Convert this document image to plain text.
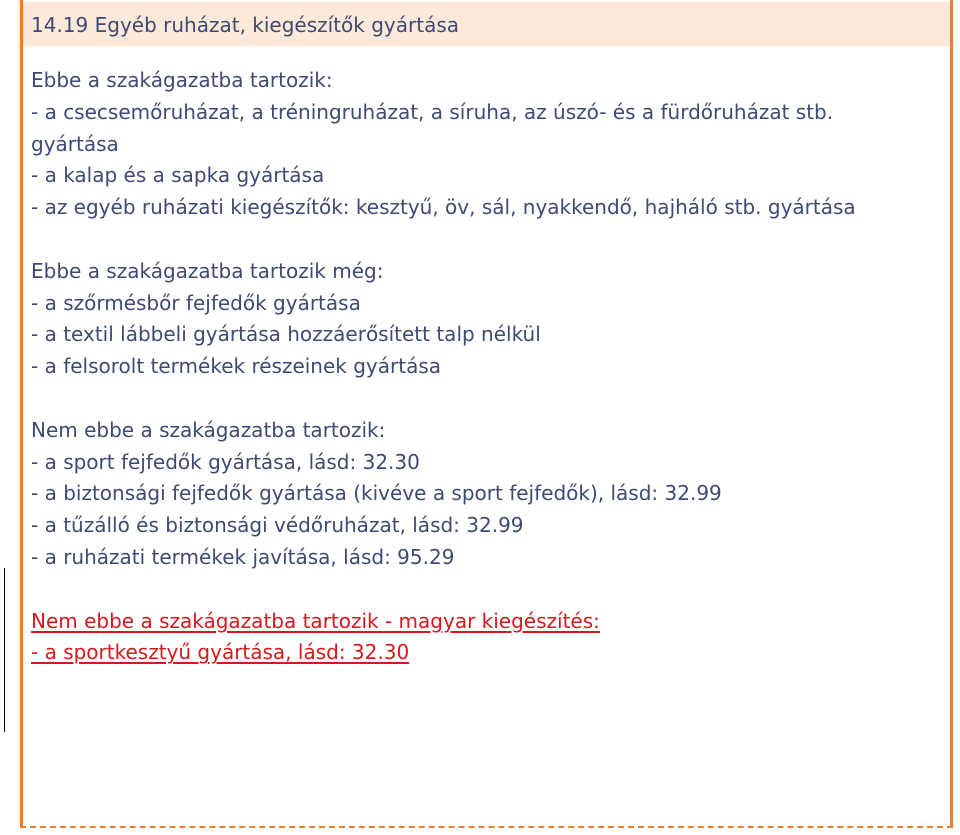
14.19 Egyéb ruházat, kiegészítők gyártása
Ebbe a szakágazatba tartozik:
- a csecsemőruházat, a tréningruházat, a síruha, az úszó- és a fürdőruházat stb.
gyártása
- a kalap és a sapka gyártása
- az egyéb ruházati kiegészítők: kesztyű, öv, sál, nyakkendő, hajháló stb. gyártása
Ebbe a szakágazatba tartozik még:
- a szőrmésbőr fejfedők gyártása
- a textil lábbeli gyártása hozzáerősített talp nélkül
- a felsorolt termékek részeinek gyártása
Nem ebbe a szakágazatba tartozik:
- a sport fejfedők gyártása, lásd: 32.30
- a biztonsági fejfedők gyártása (kivéve a sport fejfedők), lásd: 32.99
- a tűzálló és biztonsági védőruházat, lásd: 32.99
- a ruházati termékek javítása, lásd: 95.29
Nem ebbe a szakágazatba tartozik - magyar kiegészítés:
- a sportkesztyű gyártása, lásd: 32.30
